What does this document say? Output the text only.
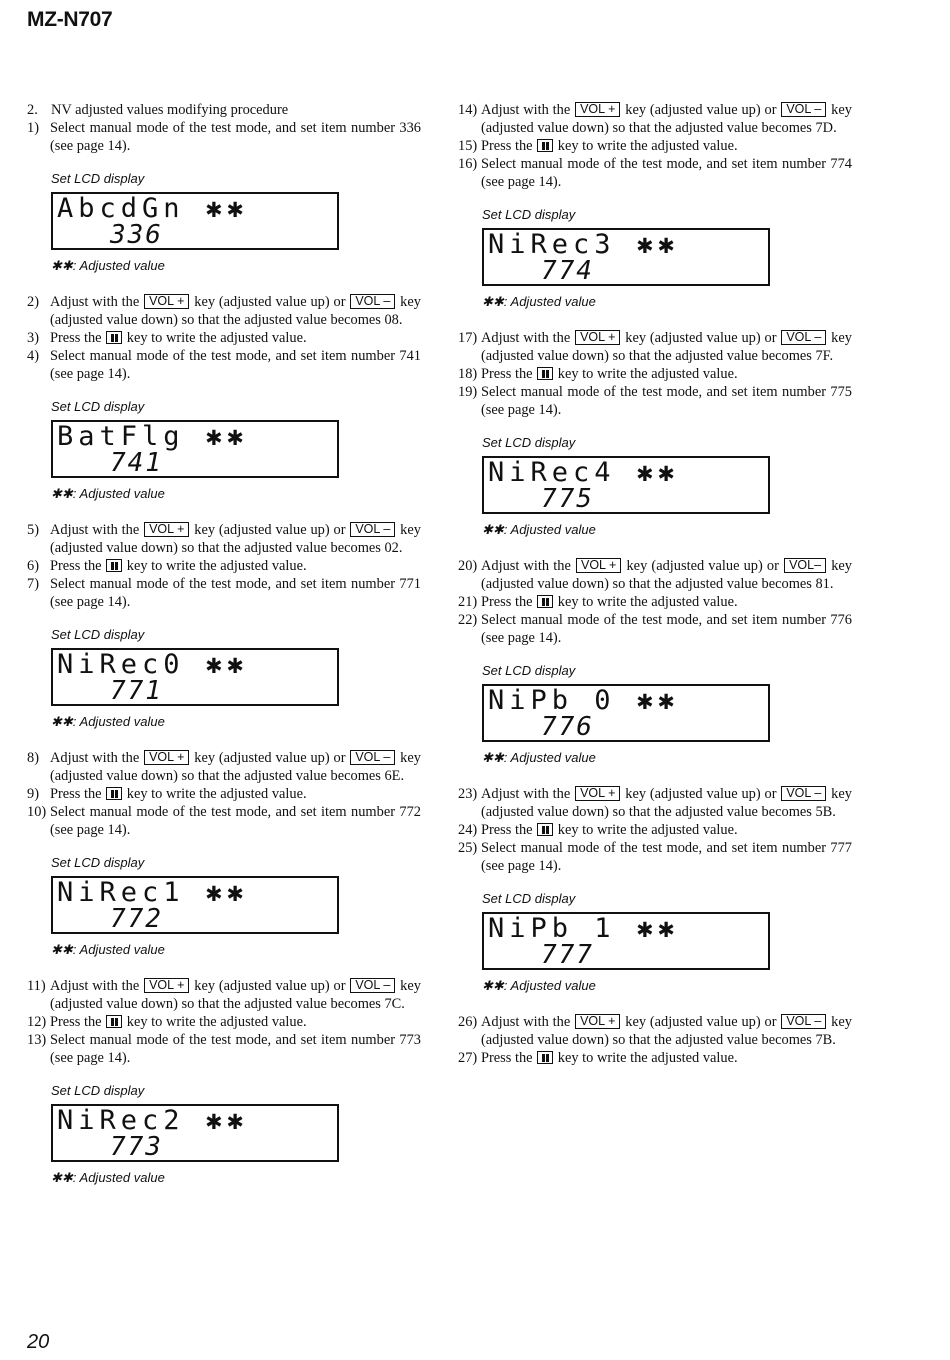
MZ-N707
2. NV adjusted values modifying procedure
1) Select manual mode of the test mode, and set item number 336 (see page 14).
Set LCD display
AbcdGn ✱✱
336
✱✱: Adjusted value
2) Adjust with the VOL + key (adjusted value up) or VOL – key (adjusted value down) so that the adjusted value becomes 08.
3) Press the key to write the adjusted value.
4) Select manual mode of the test mode, and set item number 741 (see page 14).
Set LCD display
BatFlg ✱✱
741
✱✱: Adjusted value
5) Adjust with the VOL + key (adjusted value up) or VOL – key (adjusted value down) so that the adjusted value becomes 02.
6) Press the key to write the adjusted value.
7) Select manual mode of the test mode, and set item number 771 (see page 14).
Set LCD display
NiRec0 ✱✱
771
✱✱: Adjusted value
8) Adjust with the VOL + key (adjusted value up) or VOL – key (adjusted value down) so that the adjusted value becomes 6E.
9) Press the key to write the adjusted value.
10) Select manual mode of the test mode, and set item number 772 (see page 14).
Set LCD display
NiRec1 ✱✱
772
✱✱: Adjusted value
11) Adjust with the VOL + key (adjusted value up) or VOL – key (adjusted value down) so that the adjusted value becomes 7C.
12) Press the key to write the adjusted value.
13) Select manual mode of the test mode, and set item number 773 (see page 14).
Set LCD display
NiRec2 ✱✱
773
✱✱: Adjusted value
14) Adjust with the VOL + key (adjusted value up) or VOL – key (adjusted value down) so that the adjusted value becomes 7D.
15) Press the key to write the adjusted value.
16) Select manual mode of the test mode, and set item number 774 (see page 14).
Set LCD display
NiRec3 ✱✱
774
✱✱: Adjusted value
17) Adjust with the VOL + key (adjusted value up) or VOL – key (adjusted value down) so that the adjusted value becomes 7F.
18) Press the key to write the adjusted value.
19) Select manual mode of the test mode, and set item number 775 (see page 14).
Set LCD display
NiRec4 ✱✱
775
✱✱: Adjusted value
20) Adjust with the VOL + key (adjusted value up) or VOL– key (adjusted value down) so that the adjusted value becomes 81.
21) Press the key to write the adjusted value.
22) Select manual mode of the test mode, and set item number 776 (see page 14).
Set LCD display
NiPb 0 ✱✱
776
✱✱: Adjusted value
23) Adjust with the VOL + key (adjusted value up) or VOL – key (adjusted value down) so that the adjusted value becomes 5B.
24) Press the key to write the adjusted value.
25) Select manual mode of the test mode, and set item number 777 (see page 14).
Set LCD display
NiPb 1 ✱✱
777
✱✱: Adjusted value
26) Adjust with the VOL + key (adjusted value up) or VOL – key (adjusted value down) so that the adjusted value becomes 7B.
27) Press the key to write the adjusted value.
20
